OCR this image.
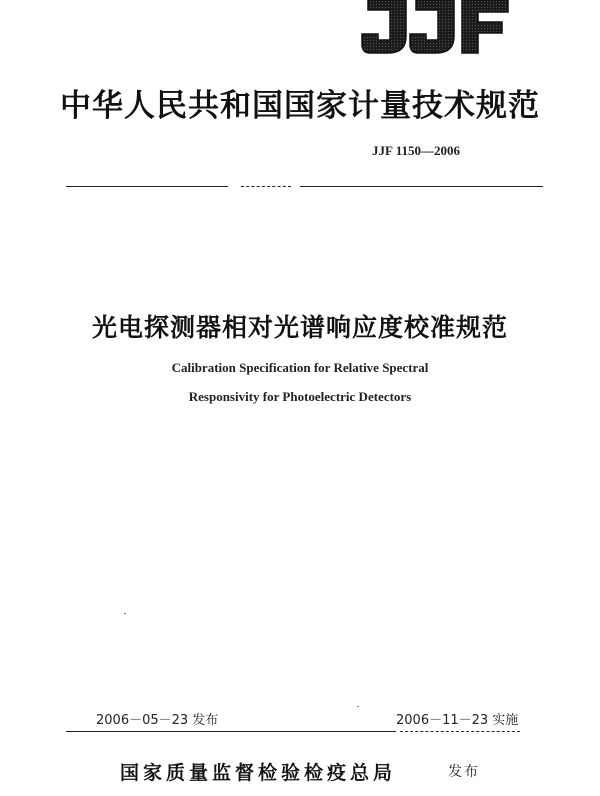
中华人民共和国国家计量技术规范
JJF 1150—2006
光电探测器相对光谱响应度校准规范
Calibration Specification for Relative Spectral
Responsivity for Photoelectric Detectors
2006－05－23 发布	2006－11－23 实施
国家质量监督检验检疫总局	发布
